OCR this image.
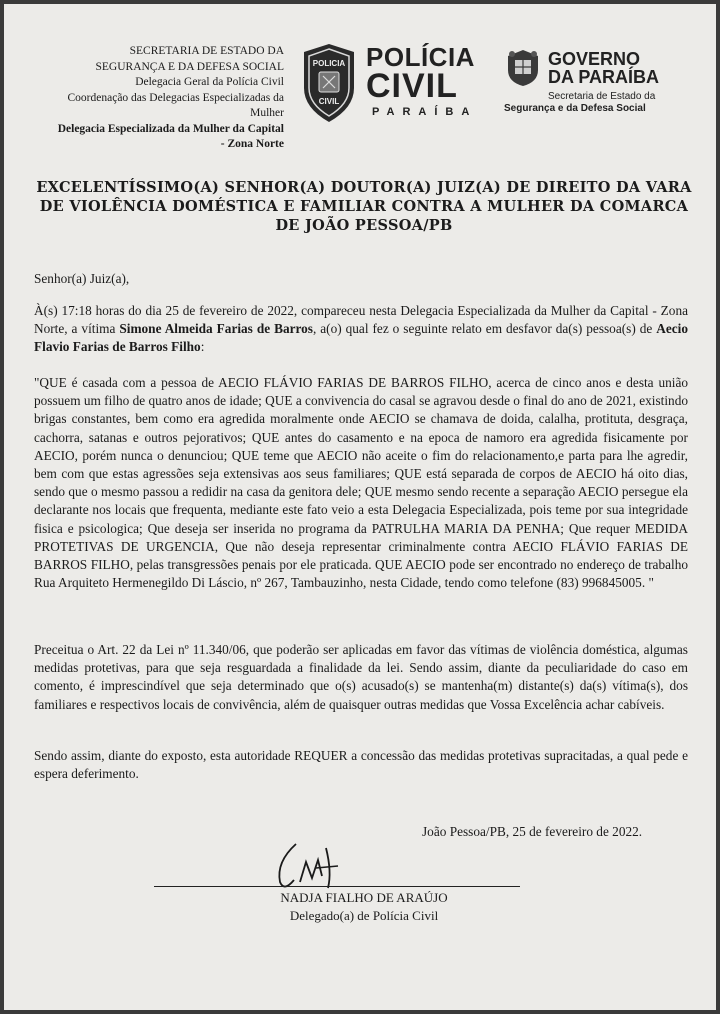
SECRETARIA DE ESTADO DA
SEGURANÇA E DA DEFESA SOCIAL
Delegacia Geral da Polícia Civil
Coordenação das Delegacias Especializadas da
Mulher
Delegacia Especializada da Mulher da Capital
- Zona Norte
POLICIA
CIVIL
POLÍCIA
CIVIL
PARAÍBA
GOVERNO
DA PARAÍBA
Secretaria de Estado da
Segurança e da Defesa Social
EXCELENTÍSSIMO(A) SENHOR(A) DOUTOR(A) JUIZ(A) DE DIREITO DA VARA
DE VIOLÊNCIA DOMÉSTICA E FAMILIAR CONTRA A MULHER DA COMARCA
DE JOÃO PESSOA/PB
Senhor(a) Juiz(a),
À(s) 17:18 horas do dia 25 de fevereiro de 2022, compareceu nesta Delegacia Especializada da Mulher da Capital - Zona Norte, a vítima Simone Almeida Farias de Barros, a(o) qual fez o seguinte relato em desfavor da(s) pessoa(s) de Aecio Flavio Farias de Barros Filho:
"QUE é casada com a pessoa de AECIO FLÁVIO FARIAS DE BARROS FILHO, acerca de cinco anos e desta união possuem um filho de quatro anos de idade; QUE a convivencia do casal se agravou desde o final do ano de 2021, existindo brigas constantes, bem como era agredida moralmente onde AECIO se chamava de doida, calalha, protituta, desgraça, cachorra, satanas e outros pejorativos; QUE antes do casamento e na epoca de namoro era agredida fisicamente por AECIO, porém nunca o denunciou; QUE teme que AECIO não aceite o fim do relacionamento,e parta para lhe agredir, bem com que estas agressões seja extensivas aos seus familiares; QUE está separada de corpos de AECIO há oito dias, sendo que o mesmo passou a redidir na casa da genitora dele; QUE mesmo sendo recente a separação AECIO persegue ela declarante nos locais que frequenta, mediante este fato veio a esta Delegacia Especializada, pois teme por sua integridade fisica e psicologica; Que deseja ser inserida no programa da PATRULHA MARIA DA PENHA; Que requer MEDIDA PROTETIVAS DE URGENCIA, Que não deseja representar criminalmente contra AECIO FLÁVIO FARIAS DE BARROS FILHO, pelas transgressões penais por ele praticada. QUE AECIO pode ser encontrado no endereço de trabalho Rua Arquiteto Hermenegildo Di Láscio, nº 267, Tambauzinho, nesta Cidade, tendo como telefone (83) 996845005. "
Preceitua o Art. 22 da Lei nº 11.340/06, que poderão ser aplicadas em favor das vítimas de violência doméstica, algumas medidas protetivas, para que seja resguardada a finalidade da lei. Sendo assim, diante da peculiaridade do caso em comento, é imprescindível que seja determinado que o(s) acusado(s) se mantenha(m) distante(s) da(s) vítima(s), dos familiares e respectivos locais de convivência, além de quaisquer outras medidas que Vossa Excelência achar cabíveis.
Sendo assim, diante do exposto, esta autoridade REQUER a concessão das medidas protetivas supracitadas, a qual pede e espera deferimento.
João Pessoa/PB, 25 de fevereiro de 2022.
NADJA FIALHO DE ARAÚJO
Delegado(a) de Polícia Civil
